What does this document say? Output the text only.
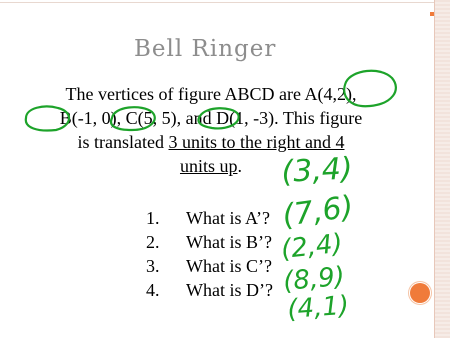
Bell Ringer
The vertices of figure ABCD are A(4,2),
B(-1, 0), C(5, 5), and D(1, -3). This figure
is translated 3 units to the right and 4
units up.
1.	What is A’?
2.	What is B’?
3.	What is C’?
4.	What is D’?
(3,4)
(7,6)
(2,4)
(8,9)
(4,1)
